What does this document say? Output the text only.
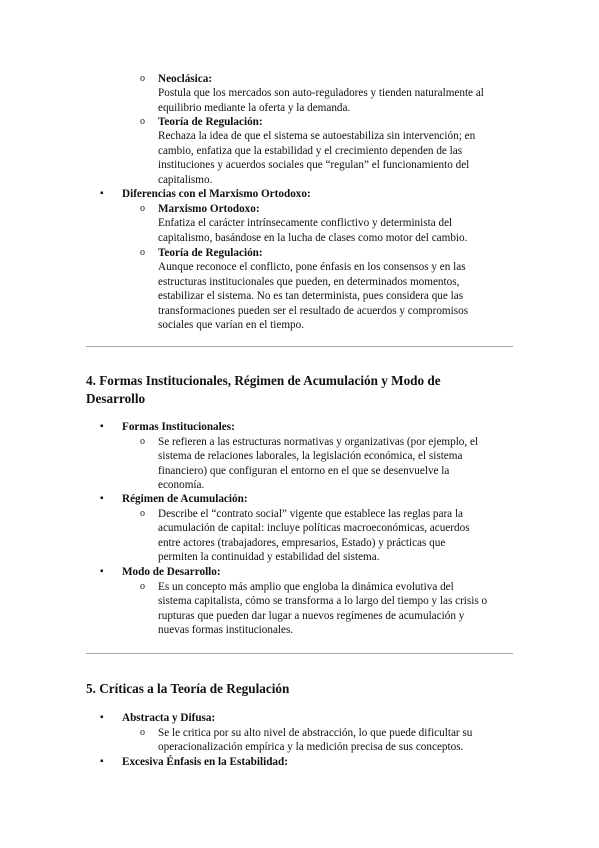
o Neoclásica:
Postula que los mercados son auto-reguladores y tienden naturalmente al
equilibrio mediante la oferta y la demanda.
o Teoría de Regulación:
Rechaza la idea de que el sistema se autoestabiliza sin intervención; en
cambio, enfatiza que la estabilidad y el crecimiento dependen de las
instituciones y acuerdos sociales que “regulan” el funcionamiento del
capitalismo.
▪ Diferencias con el Marxismo Ortodoxo:
o Marxismo Ortodoxo:
Enfatiza el carácter intrínsecamente conflictivo y determinista del
capitalismo, basándose en la lucha de clases como motor del cambio.
o Teoría de Regulación:
Aunque reconoce el conflicto, pone énfasis en los consensos y en las
estructuras institucionales que pueden, en determinados momentos,
estabilizar el sistema. No es tan determinista, pues considera que las
transformaciones pueden ser el resultado de acuerdos y compromisos
sociales que varían en el tiempo.
4. Formas Institucionales, Régimen de Acumulación y Modo de
Desarrollo
▪ Formas Institucionales:
o Se refieren a las estructuras normativas y organizativas (por ejemplo, el
sistema de relaciones laborales, la legislación económica, el sistema
financiero) que configuran el entorno en el que se desenvuelve la
economía.
▪ Régimen de Acumulación:
o Describe el “contrato social” vigente que establece las reglas para la
acumulación de capital: incluye políticas macroeconómicas, acuerdos
entre actores (trabajadores, empresarios, Estado) y prácticas que
permiten la continuidad y estabilidad del sistema.
▪ Modo de Desarrollo:
o Es un concepto más amplio que engloba la dinámica evolutiva del
sistema capitalista, cómo se transforma a lo largo del tiempo y las crisis o
rupturas que pueden dar lugar a nuevos regímenes de acumulación y
nuevas formas institucionales.
5. Críticas a la Teoría de Regulación
▪ Abstracta y Difusa:
o Se le critica por su alto nivel de abstracción, lo que puede dificultar su
operacionalización empírica y la medición precisa de sus conceptos.
▪ Excesiva Énfasis en la Estabilidad:
